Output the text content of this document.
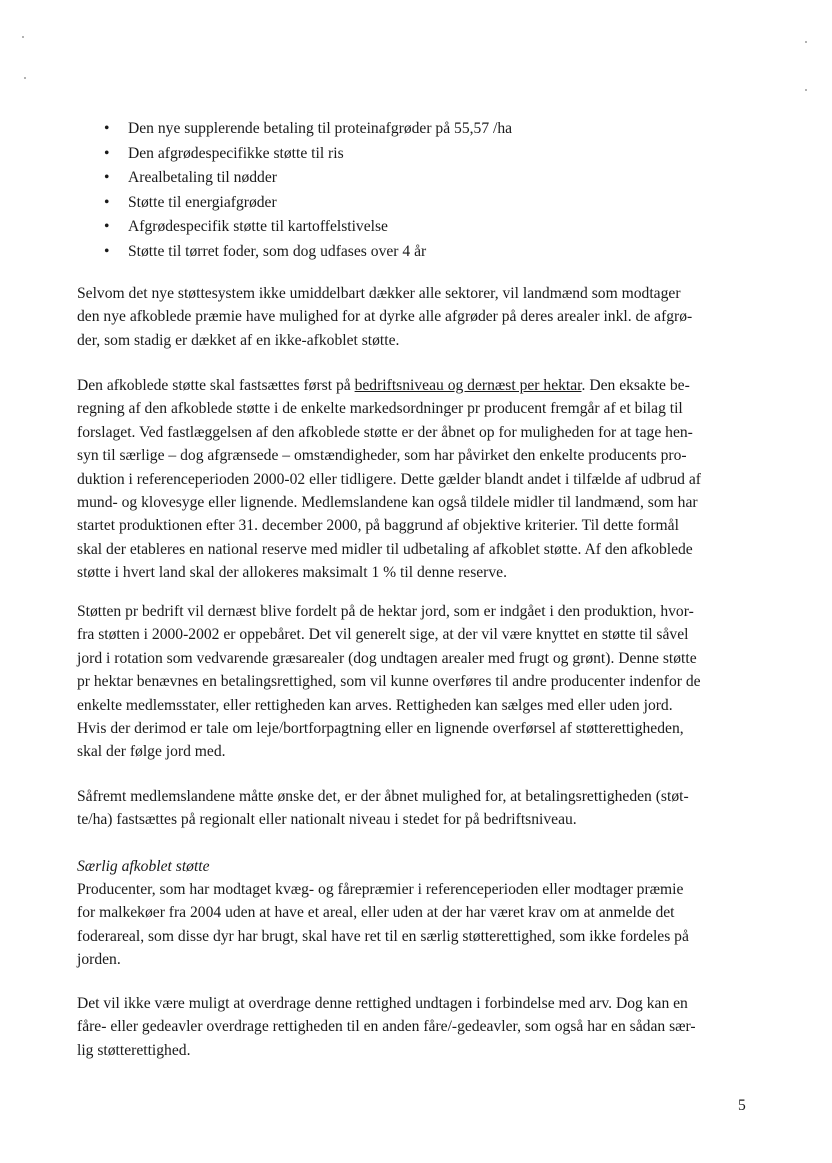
• Den nye supplerende betaling til proteinafgrøder på 55,57 /ha
• Den afgrødespecifikke støtte til ris
• Arealbetaling til nødder
• Støtte til energiafgrøder
• Afgrødespecifik støtte til kartoffelstivelse
• Støtte til tørret foder, som dog udfases over 4 år

Selvom det nye støttesystem ikke umiddelbart dækker alle sektorer, vil landmænd som modtager
den nye afkoblede præmie have mulighed for at dyrke alle afgrøder på deres arealer inkl. de afgrø-
der, som stadig er dækket af en ikke-afkoblet støtte.

Den afkoblede støtte skal fastsættes først på bedriftsniveau og dernæst per hektar. Den eksakte be-
regning af den afkoblede støtte i de enkelte markedsordninger pr producent fremgår af et bilag til
forslaget. Ved fastlæggelsen af den afkoblede støtte er der åbnet op for muligheden for at tage hen-
syn til særlige – dog afgrænsede – omstændigheder, som har påvirket den enkelte producents pro-
duktion i referenceperioden 2000-02 eller tidligere. Dette gælder blandt andet i tilfælde af udbrud af
mund- og klovesyge eller lignende. Medlemslandene kan også tildele midler til landmænd, som har
startet produktionen efter 31. december 2000, på baggrund af objektive kriterier. Til dette formål
skal der etableres en national reserve med midler til udbetaling af afkoblet støtte. Af den afkoblede
støtte i hvert land skal der allokeres maksimalt 1 % til denne reserve.

Støtten pr bedrift vil dernæst blive fordelt på de hektar jord, som er indgået i den produktion, hvor-
fra støtten i 2000-2002 er oppebåret. Det vil generelt sige, at der vil være knyttet en støtte til såvel
jord i rotation som vedvarende græsarealer (dog undtagen arealer med frugt og grønt). Denne støtte
pr hektar benævnes en betalingsrettighed, som vil kunne overføres til andre producenter indenfor de
enkelte medlemsstater, eller rettigheden kan arves. Rettigheden kan sælges med eller uden jord.
Hvis der derimod er tale om leje/bortforpagtning eller en lignende overførsel af støtterettigheden,
skal der følge jord med.

Såfremt medlemslandene måtte ønske det, er der åbnet mulighed for, at betalingsrettigheden (støt-
te/ha) fastsættes på regionalt eller nationalt niveau i stedet for på bedriftsniveau.

Særlig afkoblet støtte

Producenter, som har modtaget kvæg- og fårepræmier i referenceperioden eller modtager præmie
for malkekøer fra 2004 uden at have et areal, eller uden at der har været krav om at anmelde det
foderareal, som disse dyr har brugt, skal have ret til en særlig støtterettighed, som ikke fordeles på
jorden.

Det vil ikke være muligt at overdrage denne rettighed undtagen i forbindelse med arv. Dog kan en
fåre- eller gedeavler overdrage rettigheden til en anden fåre/-gedeavler, som også har en sådan sær-
lig støtterettighed.

5
